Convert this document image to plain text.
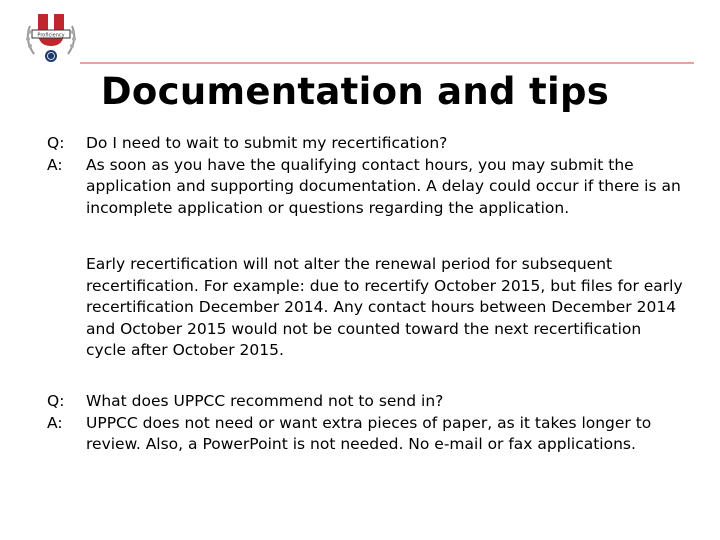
Proficiency
Documentation and tips
Q:	Do I need to wait to submit my recertification?
A:	As soon as you have the qualifying contact hours, you may submit the application and supporting documentation. A delay could occur if there is an incomplete application or questions regarding the application.
Early recertification will not alter the renewal period for subsequent recertification. For example: due to recertify October 2015, but files for early recertification December 2014. Any contact hours between December 2014 and October 2015 would not be counted toward the next recertification cycle after October 2015.
Q:	What does UPPCC recommend not to send in?
A:	UPPCC does not need or want extra pieces of paper, as it takes longer to review. Also, a PowerPoint is not needed. No e-mail or fax applications.
